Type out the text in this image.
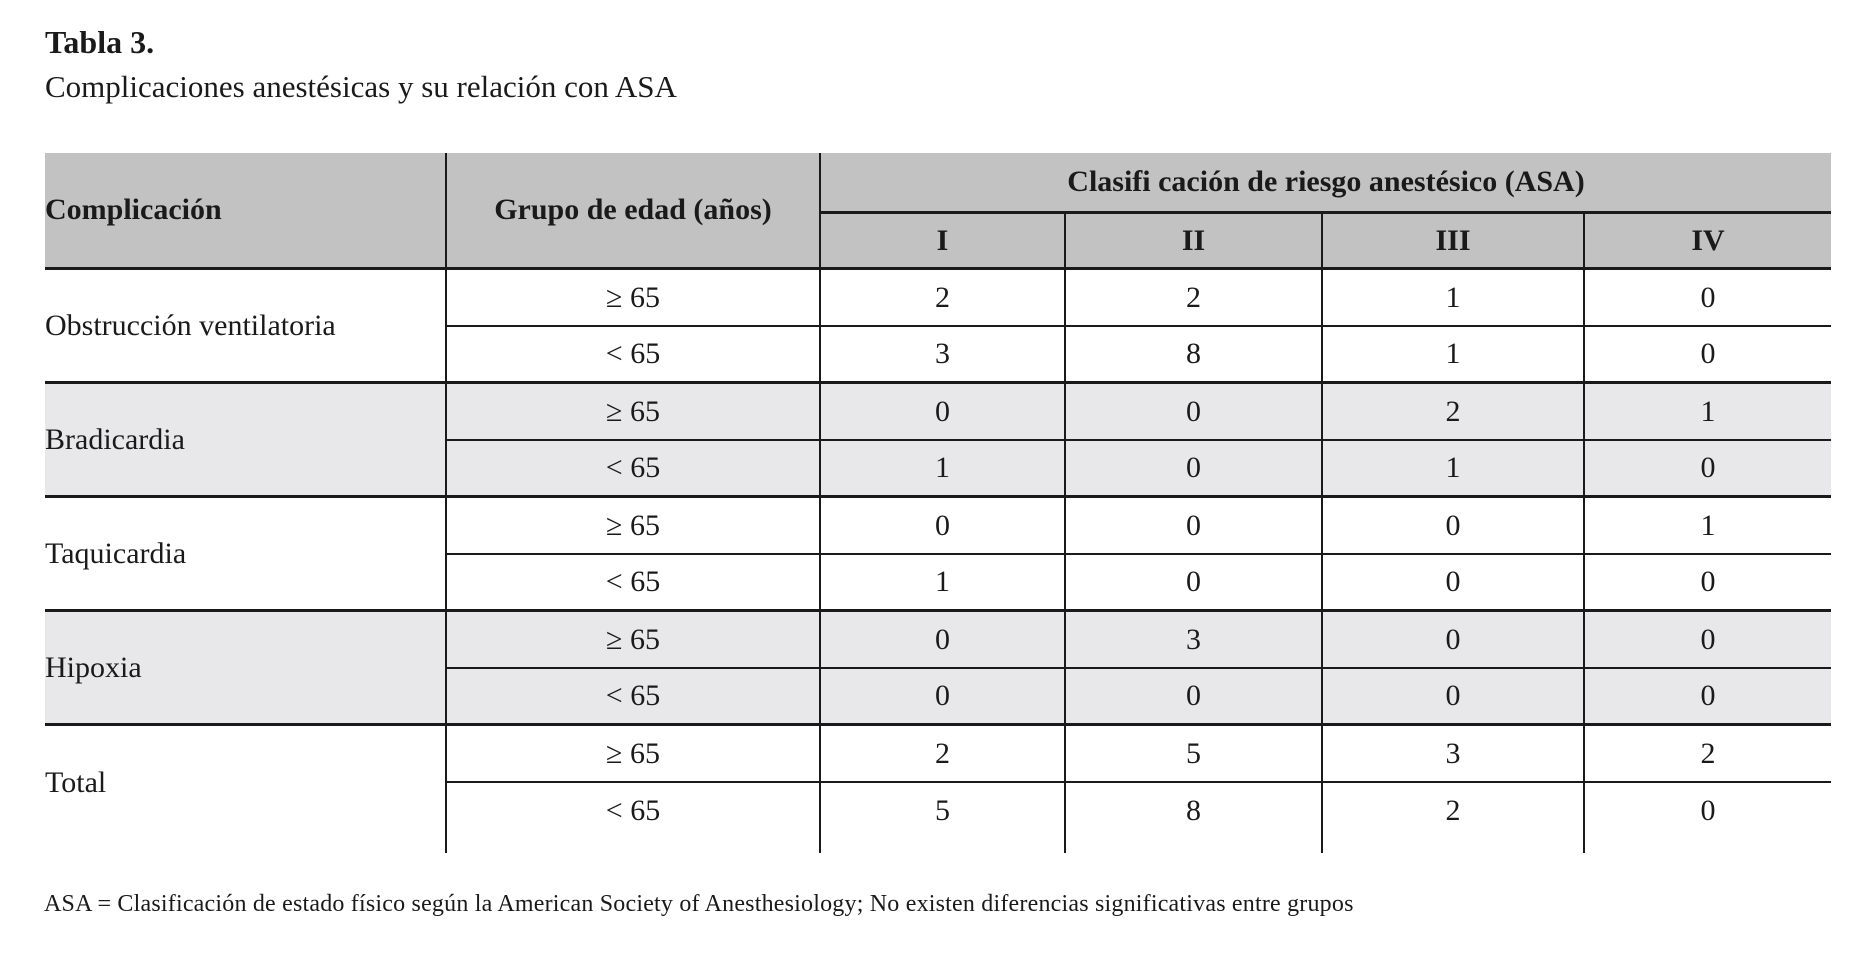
Tabla 3.
Complicaciones anestésicas y su relación con ASA
Complicación	Grupo de edad (años)	Clasifi cación de riesgo anestésico (ASA)			
		I	II	III	IV
Obstrucción ventilatoria	≥ 65	2	2	1	0
	< 65	3	8	1	0
Bradicardia	≥ 65	0	0	2	1
	< 65	1	0	1	0
Taquicardia	≥ 65	0	0	0	1
	< 65	1	0	0	0
Hipoxia	≥ 65	0	3	0	0
	< 65	0	0	0	0
Total	≥ 65	2	5	3	2
	< 65	5	8	2	0

ASA = Clasificación de estado físico según la American Society of Anesthesiology; No existen diferencias significativas entre grupos
